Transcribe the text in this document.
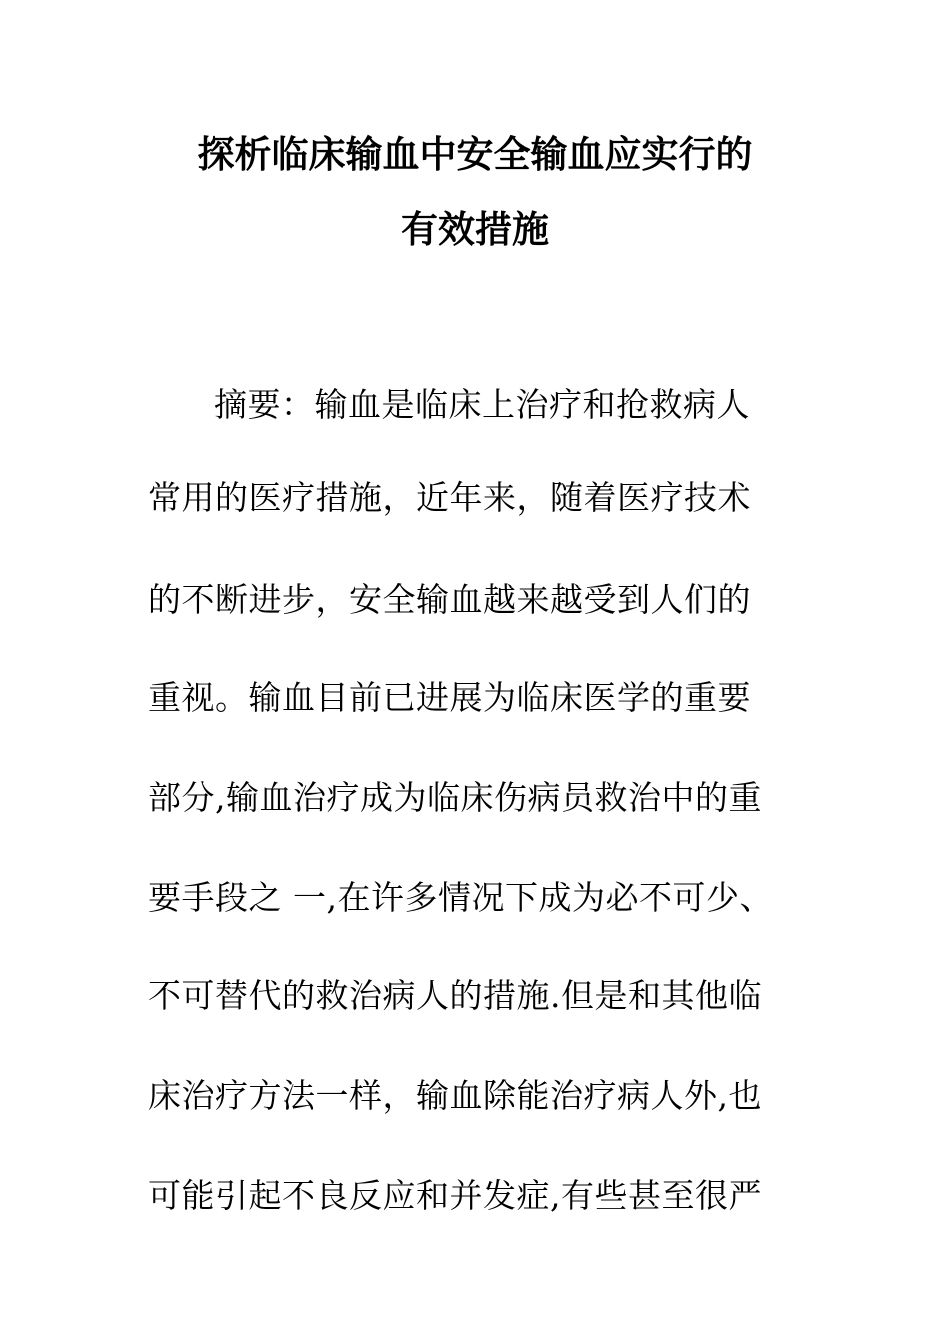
探析临床输血中安全输血应实行的
有效措施
摘要：输血是临床上治疗和抢救病人
常用的医疗措施，近年来，随着医疗技术
的不断进步，安全输血越来越受到人们的
重视。输血目前已进展为临床医学的重要
部分,输血治疗成为临床伤病员救治中的重
要手段之 一,在许多情况下成为必不可少、
不可替代的救治病人的措施.但是和其他临
床治疗方法一样，输血除能治疗病人外,也
可能引起不良反应和并发症,有些甚至很严
